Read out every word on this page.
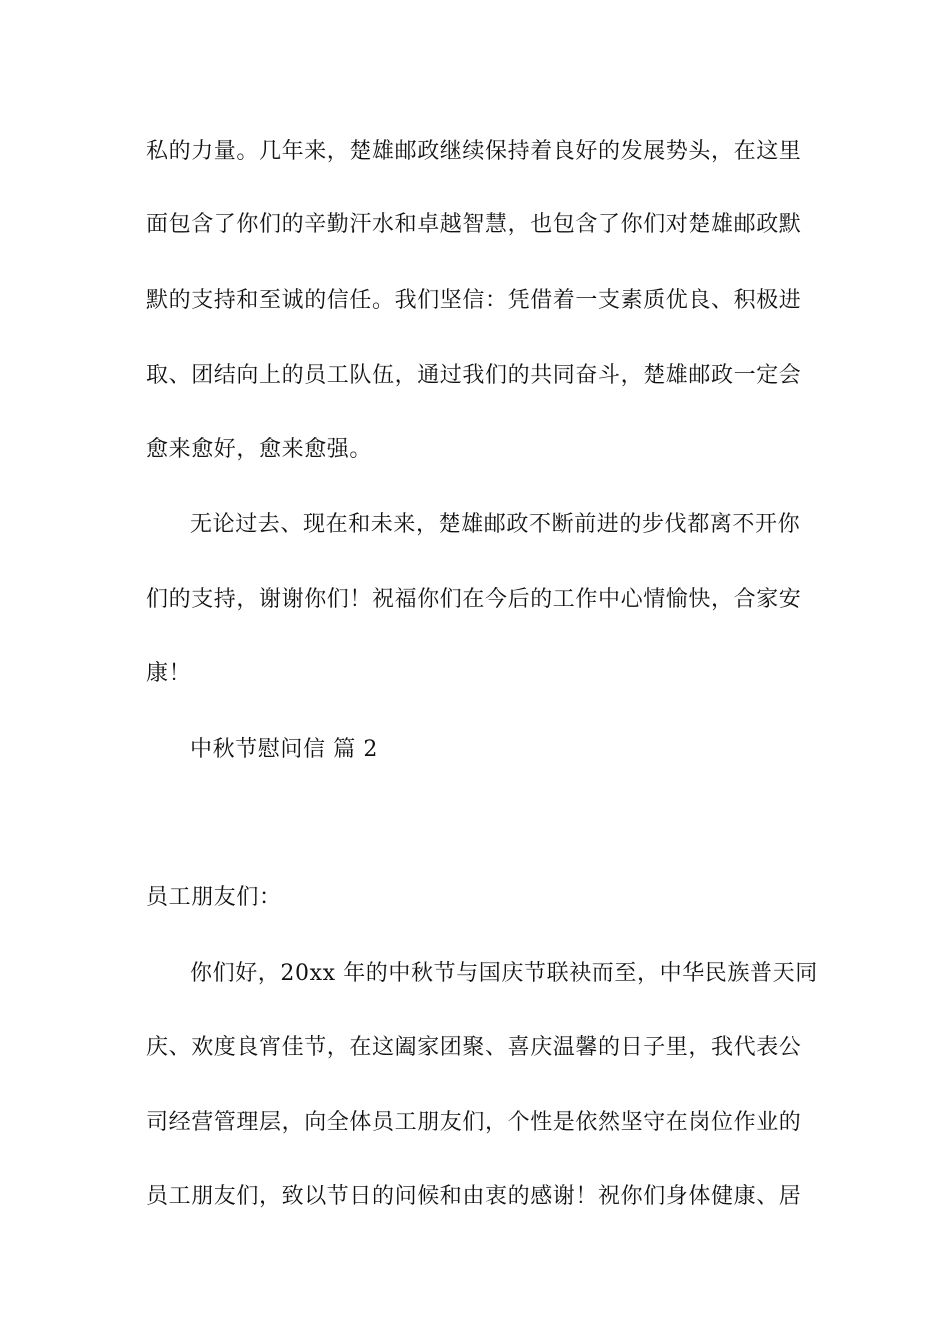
私的力量。几年来，楚雄邮政继续保持着良好的发展势头，在这里
面包含了你们的辛勤汗水和卓越智慧，也包含了你们对楚雄邮政默
默的支持和至诚的信任。我们坚信：凭借着一支素质优良、积极进
取、团结向上的员工队伍，通过我们的共同奋斗，楚雄邮政一定会
愈来愈好，愈来愈强。
无论过去、现在和未来，楚雄邮政不断前进的步伐都离不开你
们的支持，谢谢你们！祝福你们在今后的工作中心情愉快，合家安
康！
中秋节慰问信 篇 2
员工朋友们：
你们好，20xx 年的中秋节与国庆节联袂而至，中华民族普天同
庆、欢度良宵佳节，在这阖家团聚、喜庆温馨的日子里，我代表公
司经营管理层，向全体员工朋友们，个性是依然坚守在岗位作业的
员工朋友们，致以节日的问候和由衷的感谢！祝你们身体健康、居
